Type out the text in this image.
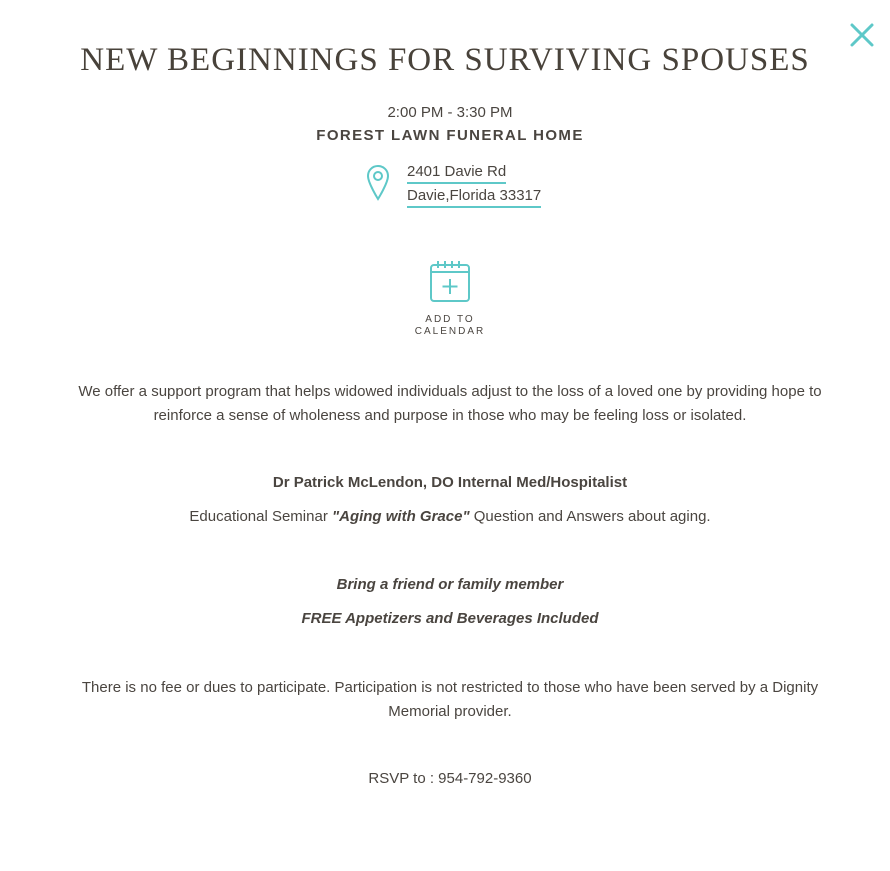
NEW BEGINNINGS FOR SURVIVING SPOUSES
2:00 PM - 3:30 PM
FOREST LAWN FUNERAL HOME
2401 Davie Rd
Davie,Florida 33317
ADD TO
CALENDAR

We offer a support program that helps widowed individuals adjust to the loss of a loved one by providing hope to reinforce a sense of wholeness and purpose in those who may be feeling loss or isolated.

Dr Patrick McLendon, DO Internal Med/Hospitalist

Educational Seminar "Aging with Grace" Question and Answers about aging.

Bring a friend or family member

FREE Appetizers and Beverages Included

There is no fee or dues to participate. Participation is not restricted to those who have been served by a Dignity Memorial provider.

RSVP to : 954-792-9360
